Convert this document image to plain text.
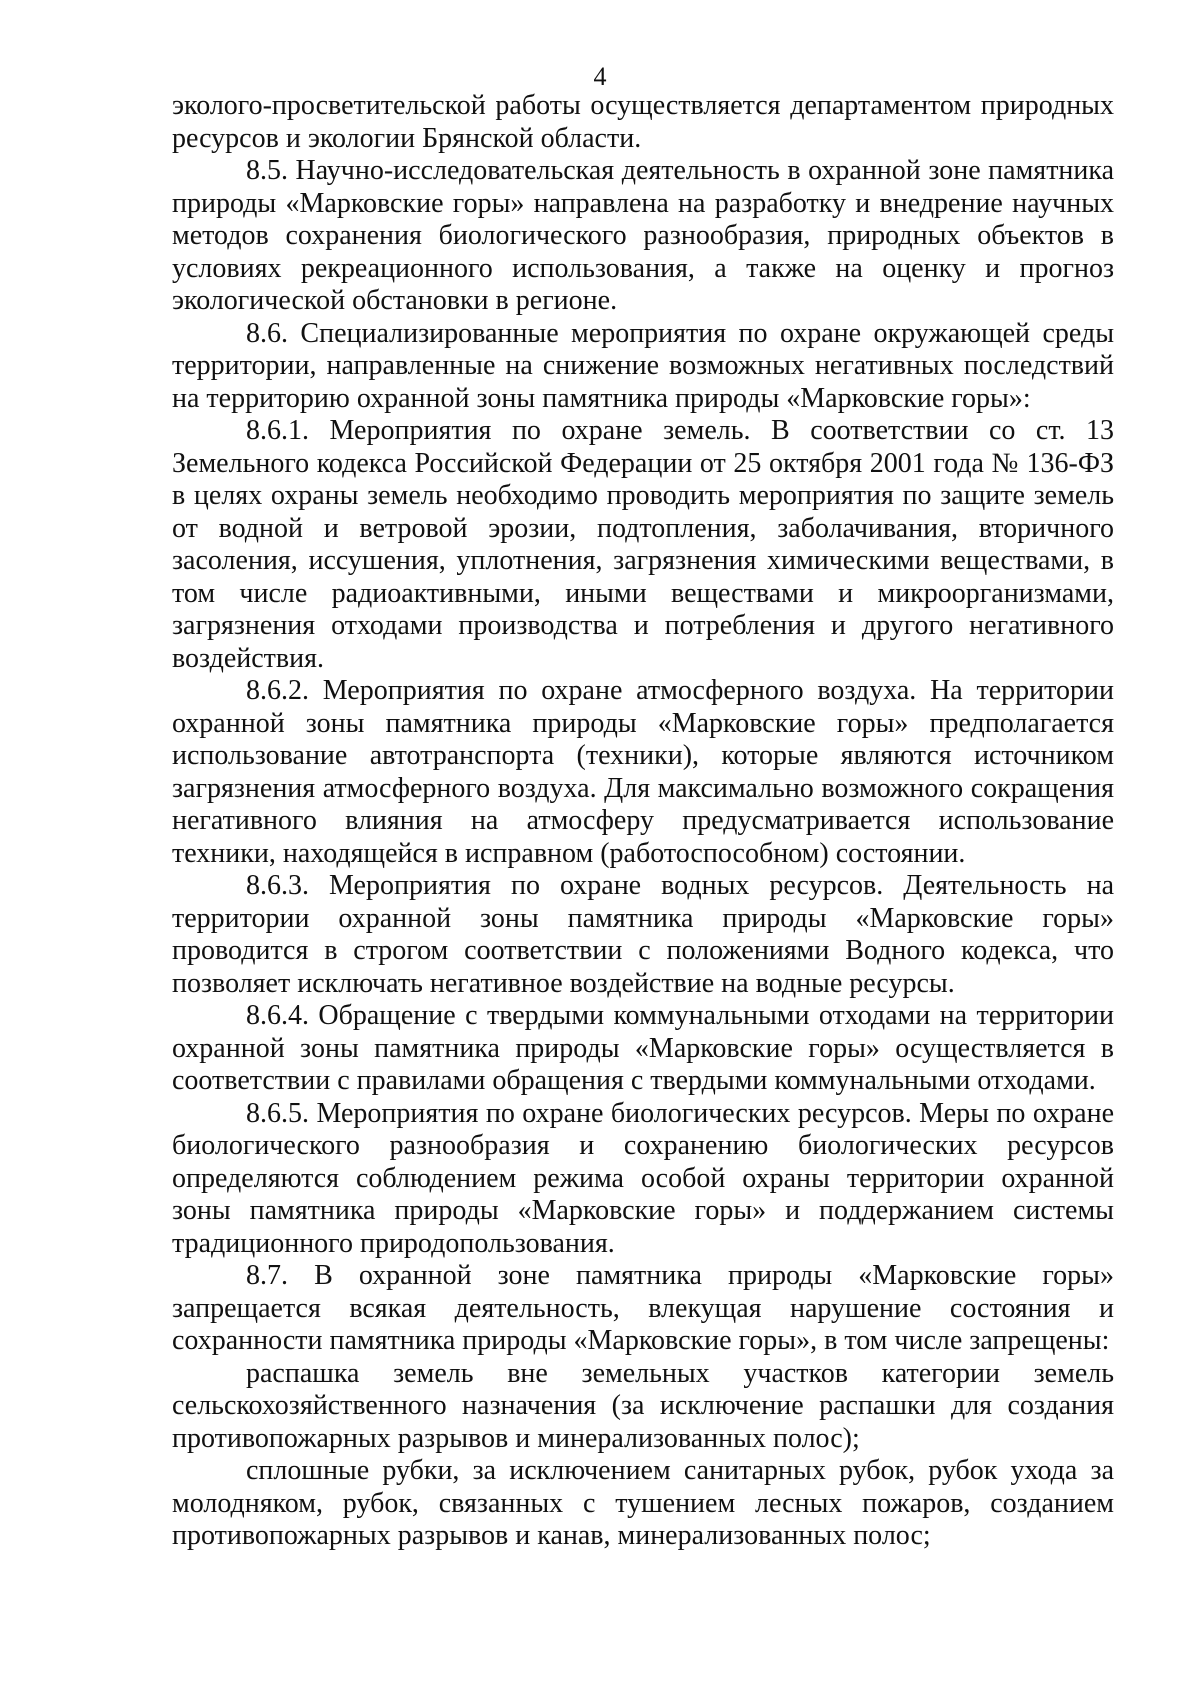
4

эколого-просветительской работы осуществляется департаментом природных ресурсов и экологии Брянской области.

8.5. Научно-исследовательская деятельность в охранной зоне памятника природы «Марковские горы» направлена на разработку и внедрение научных методов сохранения биологического разнообразия, природных объектов в условиях рекреационного использования, а также на оценку и прогноз экологической обстановки в регионе.

8.6. Специализированные мероприятия по охране окружающей среды территории, направленные на снижение возможных негативных последствий на территорию охранной зоны памятника природы «Марковские горы»:

8.6.1. Мероприятия по охране земель. В соответствии со ст. 13 Земельного кодекса Российской Федерации от 25 октября 2001 года № 136-ФЗ в целях охраны земель необходимо проводить мероприятия по защите земель от водной и ветровой эрозии, подтопления, заболачивания, вторичного засоления, иссушения, уплотнения, загрязнения химическими веществами, в том числе радиоактивными, иными веществами и микроорганизмами, загрязнения отходами производства и потребления и другого негативного воздействия.

8.6.2. Мероприятия по охране атмосферного воздуха. На территории охранной зоны памятника природы «Марковские горы» предполагается использование автотранспорта (техники), которые являются источником загрязнения атмосферного воздуха. Для максимально возможного сокращения негативного влияния на атмосферу предусматривается использование техники, находящейся в исправном (работоспособном) состоянии.

8.6.3. Мероприятия по охране водных ресурсов. Деятельность на территории охранной зоны памятника природы «Марковские горы» проводится в строгом соответствии с положениями Водного кодекса, что позволяет исключать негативное воздействие на водные ресурсы.

8.6.4. Обращение с твердыми коммунальными отходами на территории охранной зоны памятника природы «Марковские горы» осуществляется в соответствии с правилами обращения с твердыми коммунальными отходами.

8.6.5. Мероприятия по охране биологических ресурсов. Меры по охране биологического разнообразия и сохранению биологических ресурсов определяются соблюдением режима особой охраны территории охранной зоны памятника природы «Марковские горы» и поддержанием системы традиционного природопользования.

8.7. В охранной зоне памятника природы «Марковские горы» запрещается всякая деятельность, влекущая нарушение состояния и сохранности памятника природы «Марковские горы», в том числе запрещены:

распашка земель вне земельных участков категории земель сельскохозяйственного назначения (за исключение распашки для создания противопожарных разрывов и минерализованных полос);

сплошные рубки, за исключением санитарных рубок, рубок ухода за молодняком, рубок, связанных с тушением лесных пожаров, созданием противопожарных разрывов и канав, минерализованных полос;
